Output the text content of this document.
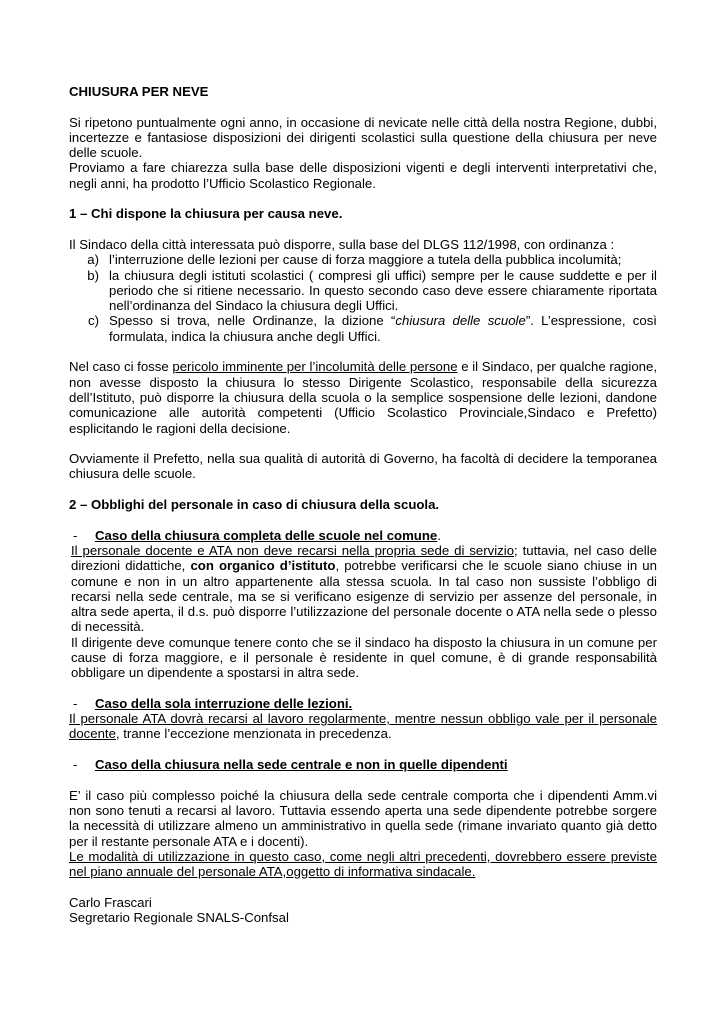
CHIUSURA PER NEVE

Si ripetono puntualmente ogni anno, in occasione di nevicate nelle città della nostra Regione, dubbi, incertezze e fantasiose disposizioni dei dirigenti scolastici sulla questione della chiusura per neve delle scuole.

Proviamo a fare chiarezza sulla base delle disposizioni vigenti e degli interventi interpretativi che, negli anni, ha prodotto l’Ufficio Scolastico Regionale.

1 – Chi dispone la chiusura per causa neve.

Il Sindaco della città interessata può disporre, sulla base del DLGS 112/1998, con ordinanza :

a) l’interruzione delle lezioni per cause di forza maggiore a tutela della pubblica incolumità;
b) la chiusura degli istituti scolastici ( compresi gli uffici) sempre per le cause suddette e per il periodo che si ritiene necessario. In questo secondo caso deve essere chiaramente riportata nell’ordinanza del Sindaco la chiusura degli Uffici.
c) Spesso si trova, nelle Ordinanze, la dizione “chiusura delle scuole”. L’espressione, così formulata, indica la chiusura anche degli Uffici.

Nel caso ci fosse pericolo imminente per l’incolumità delle persone e il Sindaco, per qualche ragione, non avesse disposto la chiusura lo stesso Dirigente Scolastico, responsabile della sicurezza dell’Istituto, può disporre la chiusura della scuola o la semplice sospensione delle lezioni, dandone comunicazione alle autorità competenti (Ufficio Scolastico Provinciale,Sindaco e Prefetto) esplicitando le ragioni della decisione.

Ovviamente il Prefetto, nella sua qualità di autorità di Governo, ha facoltà di decidere la temporanea chiusura delle scuole.

2 – Obblighi del personale in caso di chiusura della scuola.

-	Caso della chiusura completa delle scuole nel comune.

Il personale docente e ATA non deve recarsi nella propria sede di servizio; tuttavia, nel caso delle direzioni didattiche, con organico d’istituto, potrebbe verificarsi che le scuole siano chiuse in un comune e non in un altro appartenente alla stessa scuola. In tal caso non sussiste l’obbligo di recarsi nella sede centrale, ma se si verificano esigenze di servizio per assenze del personale, in altra sede aperta, il d.s. può disporre l’utilizzazione del personale docente o ATA nella sede o plesso di necessità.

Il dirigente deve comunque tenere conto che se il sindaco ha disposto la chiusura in un comune per cause di forza maggiore, e il personale è residente in quel comune, è di grande responsabilità obbligare un dipendente a spostarsi in altra sede.

-	Caso della sola interruzione delle lezioni.

Il personale ATA dovrà recarsi al lavoro regolarmente, mentre nessun obbligo vale per il personale docente, tranne l’eccezione menzionata in precedenza.

-	Caso della chiusura nella sede centrale e non in quelle dipendenti

E’ il caso più complesso poiché la chiusura della sede centrale comporta che i dipendenti Amm.vi non sono tenuti a recarsi al lavoro. Tuttavia essendo aperta una sede dipendente potrebbe sorgere la necessità di utilizzare almeno un amministrativo in quella sede (rimane invariato quanto già detto per il restante personale ATA e i docenti).

Le modalità di utilizzazione in questo caso, come negli altri precedenti, dovrebbero essere previste nel piano annuale del personale ATA,oggetto di informativa sindacale.

Carlo Frascari

Segretario Regionale SNALS-Confsal
